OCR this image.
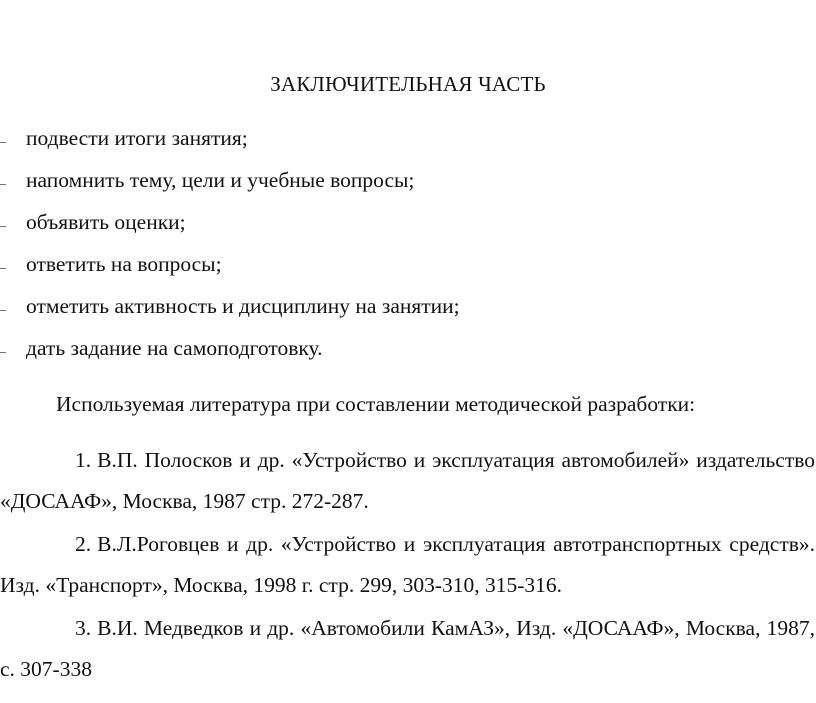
ЗАКЛЮЧИТЕЛЬНАЯ ЧАСТЬ
– подвести итоги занятия;
– напомнить тему, цели и учебные вопросы;
– объявить оценки;
– ответить на вопросы;
– отметить активность и дисциплину на занятии;
– дать задание на самоподготовку.
Используемая литература при составлении методической разработки:

1. В.П. Полосков и др. «Устройство и эксплуатация автомобилей» издательство «ДОСААФ», Москва, 1987 стр. 272-287.

2. В.Л.Роговцев и др. «Устройство и эксплуатация автотранспортных средств». Изд. «Транспорт», Москва, 1998 г. стр. 299, 303-310, 315-316.

3. В.И. Медведков и др. «Автомобили КамАЗ», Изд. «ДОСААФ», Москва, 1987, с. 307-338
